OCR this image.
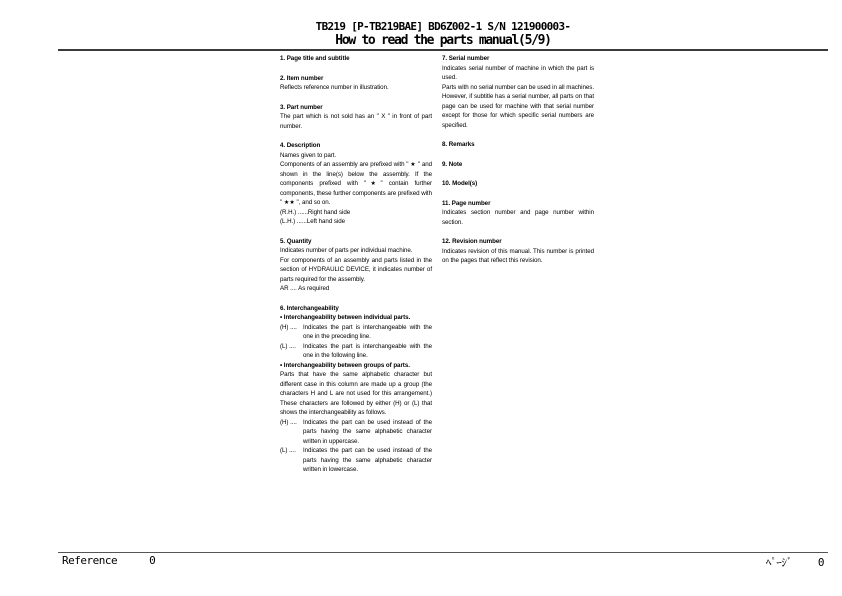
TB219 [P-TB219BAE] BD6Z002-1 S/N 121900003-
How to read the parts manual(5/9)
1. Page title and subtitle
2. Item number
Reflects reference number in illustration.
3. Part number
The part which is not sold has an " X " in front of part number.
4. Description
Names given to part.
Components of an assembly are prefixed with " ★ " and shown in the line(s) below the assembly. If the components prefixed with "★" contain further components, these further components are prefixed with " ★★ ", and so on.
(R.H.) ......Right hand side
(L.H.) ......Left hand side
5. Quantity
Indicates number of parts per individual machine.
For components of an assembly and parts listed in the section of HYDRAULIC DEVICE, it indicates number of parts required for the assembly.
AR .... As required
6. Interchangeability
• Interchangeability between individual parts.
(H) ....	Indicates the part is interchangeable with the one in the preceding line.
(L) ....	Indicates the part is interchangeable with the one in the following line.
• Interchangeability between groups of parts.
Parts that have the same alphabetic character but different case in this column are made up a group (the characters H and L are not used for this arrangement.) These characters are followed by either (H) or (L) that shows the interchangeability as follows.
(H) ....	Indicates the part can be used instead of the parts having the same alphabetic character written in uppercase.
(L) ....	Indicates the part can be used instead of the parts having the same alphabetic character written in lowercase.
7. Serial number
Indicates serial number of machine in which the part is used.
Parts with no serial number can be used in all machines. However, if subtitle has a serial number, all parts on that page can be used for machine with that serial number except for those for which specific serial numbers are specified.
8. Remarks
9. Note
10. Model(s)
11. Page number
Indicates section number and page number within section.
12. Revision number
Indicates revision of this manual. This number is printed on the pages that reflect this revision.
Reference	0	ﾍﾟｰｼﾞ 0
